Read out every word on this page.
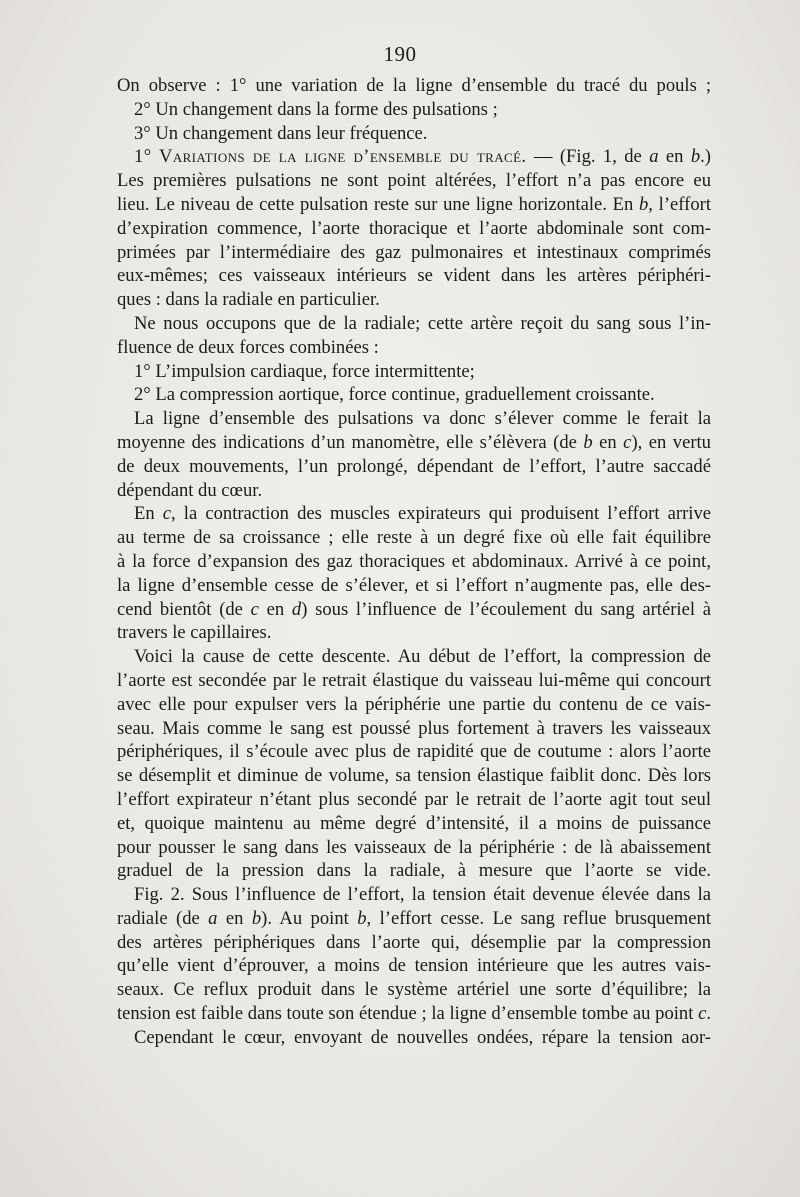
190

On observe : 1° une variation de la ligne d’ensemble du tracé du pouls ;
2° Un changement dans la forme des pulsations ;
3° Un changement dans leur fréquence.

1° Variations de la ligne d’ensemble du tracé. — (Fig. 1, de a en b.)
Les premières pulsations ne sont point altérées, l’effort n’a pas encore eu
lieu. Le niveau de cette pulsation reste sur une ligne horizontale. En b, l’effort
d’expiration commence, l’aorte thoracique et l’aorte abdominale sont com-
primées par l’intermédiaire des gaz pulmonaires et intestinaux comprimés
eux-mêmes; ces vaisseaux intérieurs se vident dans les artères périphéri-
ques : dans la radiale en particulier.

Ne nous occupons que de la radiale; cette artère reçoit du sang sous l’in-
fluence de deux forces combinées :
1° L’impulsion cardiaque, force intermittente;
2° La compression aortique, force continue, graduellement croissante.

La ligne d’ensemble des pulsations va donc s’élever comme le ferait la
moyenne des indications d’un manomètre, elle s’élèvera (de b en c), en vertu
de deux mouvements, l’un prolongé, dépendant de l’effort, l’autre saccadé
dépendant du cœur.

En c, la contraction des muscles expirateurs qui produisent l’effort arrive
au terme de sa croissance ; elle reste à un degré fixe où elle fait équilibre
à la force d’expansion des gaz thoraciques et abdominaux. Arrivé à ce point,
la ligne d’ensemble cesse de s’élever, et si l’effort n’augmente pas, elle des-
cend bientôt (de c en d) sous l’influence de l’écoulement du sang artériel à
travers le capillaires.

Voici la cause de cette descente. Au début de l’effort, la compression de
l’aorte est secondée par le retrait élastique du vaisseau lui-même qui concourt
avec elle pour expulser vers la périphérie une partie du contenu de ce vais-
seau. Mais comme le sang est poussé plus fortement à travers les vaisseaux
périphériques, il s’écoule avec plus de rapidité que de coutume : alors l’aorte
se désemplit et diminue de volume, sa tension élastique faiblit donc. Dès lors
l’effort expirateur n’étant plus secondé par le retrait de l’aorte agit tout seul
et, quoique maintenu au même degré d’intensité, il a moins de puissance
pour pousser le sang dans les vaisseaux de la périphérie : de là abaissement
graduel de la pression dans la radiale, à mesure que l’aorte se vide.

Fig. 2. Sous l’influence de l’effort, la tension était devenue élevée dans la
radiale (de a en b). Au point b, l’effort cesse. Le sang reflue brusquement
des artères périphériques dans l’aorte qui, désemplie par la compression
qu’elle vient d’éprouver, a moins de tension intérieure que les autres vais-
seaux. Ce reflux produit dans le système artériel une sorte d’équilibre; la
tension est faible dans toute son étendue ; la ligne d’ensemble tombe au point c.

Cependant le cœur, envoyant de nouvelles ondées, répare la tension aor-
